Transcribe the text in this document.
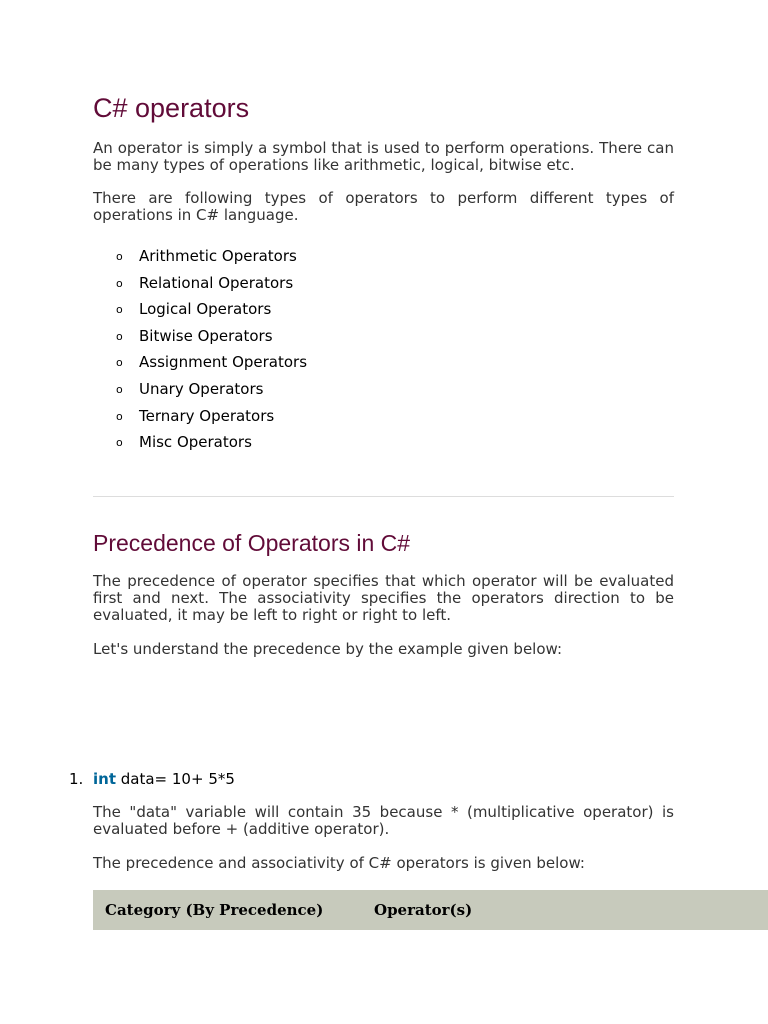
C# operators

An operator is simply a symbol that is used to perform operations. There can be many types of operations like arithmetic, logical, bitwise etc.

There are following types of operators to perform different types of operations in C# language.

o Arithmetic Operators
o Relational Operators
o Logical Operators
o Bitwise Operators
o Assignment Operators
o Unary Operators
o Ternary Operators
o Misc Operators
Precedence of Operators in C#

The precedence of operator specifies that which operator will be evaluated first and next. The associativity specifies the operators direction to be evaluated, it may be left to right or right to left.

Let's understand the precedence by the example given below:

1. int data= 10+ 5*5

The "data" variable will contain 35 because * (multiplicative operator) is evaluated before + (additive operator).

The precedence and associativity of C# operators is given below:

Category (By Precedence)	Operator(s)
